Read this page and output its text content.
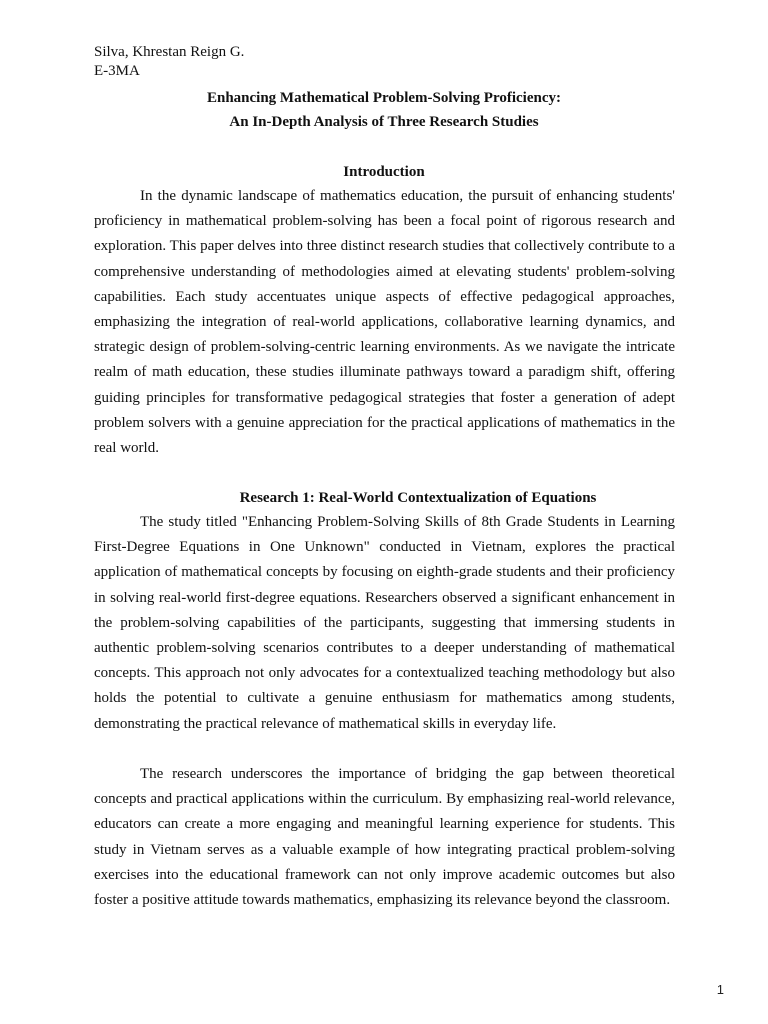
Silva, Khrestan Reign G.
E-3MA
Enhancing Mathematical Problem-Solving Proficiency:
An In-Depth Analysis of Three Research Studies
Introduction

In the dynamic landscape of mathematics education, the pursuit of enhancing students' proficiency in mathematical problem-solving has been a focal point of rigorous research and exploration. This paper delves into three distinct research studies that collectively contribute to a comprehensive understanding of methodologies aimed at elevating students' problem-solving capabilities. Each study accentuates unique aspects of effective pedagogical approaches, emphasizing the integration of real-world applications, collaborative learning dynamics, and strategic design of problem-solving-centric learning environments. As we navigate the intricate realm of math education, these studies illuminate pathways toward a paradigm shift, offering guiding principles for transformative pedagogical strategies that foster a generation of adept problem solvers with a genuine appreciation for the practical applications of mathematics in the real world.

Research 1: Real-World Contextualization of Equations

The study titled "Enhancing Problem-Solving Skills of 8th Grade Students in Learning First-Degree Equations in One Unknown" conducted in Vietnam, explores the practical application of mathematical concepts by focusing on eighth-grade students and their proficiency in solving real-world first-degree equations. Researchers observed a significant enhancement in the problem-solving capabilities of the participants, suggesting that immersing students in authentic problem-solving scenarios contributes to a deeper understanding of mathematical concepts. This approach not only advocates for a contextualized teaching methodology but also holds the potential to cultivate a genuine enthusiasm for mathematics among students, demonstrating the practical relevance of mathematical skills in everyday life.

The research underscores the importance of bridging the gap between theoretical concepts and practical applications within the curriculum. By emphasizing real-world relevance, educators can create a more engaging and meaningful learning experience for students. This study in Vietnam serves as a valuable example of how integrating practical problem-solving exercises into the educational framework can not only improve academic outcomes but also foster a positive attitude towards mathematics, emphasizing its relevance beyond the classroom.

1
